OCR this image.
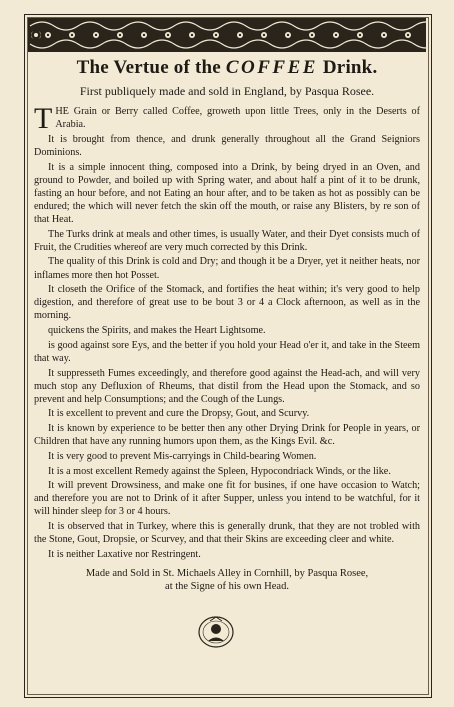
The Vertue of the COFFEE Drink.
First publiquely made and sold in England, by Pasqua Rosee.

THE Grain or Berry called Coffee, groweth upon little Trees, only in the Deserts of Arabia.

It is brought from thence, and drunk generally throughout all the Grand Seigniors Dominions.

It is a simple innocent thing, composed into a Drink, by being dryed in an Oven, and ground to Powder, and boiled up with Spring water, and about half a pint of it to be drunk, fasting an hour before, and not Eating an hour after, and to be taken as hot as possibly can be endured; the which will never fetch the skin off the mouth, or raise any Blisters, by re son of that Heat.

The Turks drink at meals and other times, is usually Water, and their Dyet consists much of Fruit, the Crudities whereof are very much corrected by this Drink.

The quality of this Drink is cold and Dry; and though it be a Dryer, yet it neither heats, nor inflames more then hot Posset.

It closeth the Orifice of the Stomack, and fortifies the heat within; it's very good to help digestion, and therefore of great use to be bout 3 or 4 a Clock afternoon, as well as in the morning.

quickens the Spirits, and makes the Heart Lightsome.

is good against sore Eys, and the better if you hold your Head o'er it, and take in the Steem that way.

It suppresseth Fumes exceedingly, and therefore good against the Head-ach, and will very much stop any Defluxion of Rheums, that distil from the Head upon the Stomack, and so prevent and help Consumptions; and the Cough of the Lungs.

It is excellent to prevent and cure the Dropsy, Gout, and Scurvy.

It is known by experience to be better then any other Drying Drink for People in years, or Children that have any running humors upon them, as the Kings Evil. &c.

It is very good to prevent Mis-carryings in Child-bearing Women.

It is a most excellent Remedy against the Spleen, Hypocondriack Winds, or the like.

It will prevent Drowsiness, and make one fit for busines, if one have occasion to Watch; and therefore you are not to Drink of it after Supper, unless you intend to be watchful, for it will hinder sleep for 3 or 4 hours.

It is observed that in Turkey, where this is generally drunk, that they are not trobled with the Stone, Gout, Dropsie, or Scurvey, and that their Skins are exceeding cleer and white.

It is neither Laxative nor Restringent.

Made and Sold in St. Michaels Alley in Cornhill, by Pasqua Rosee,
at the Signe of his own Head.
